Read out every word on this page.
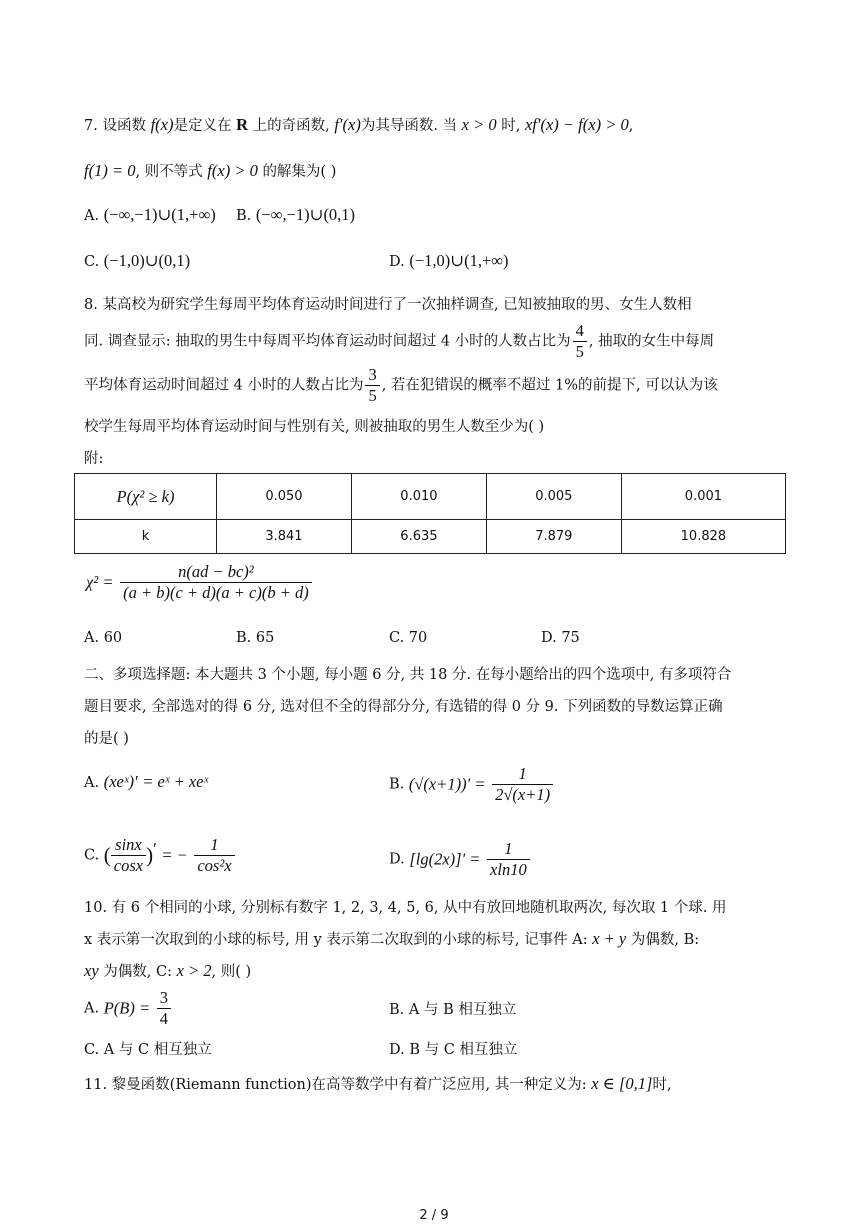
7. 设函数 f(x)是定义在 R 上的奇函数, f′(x)为其导函数. 当 x > 0 时, xf′(x) − f(x) > 0,
f(1) = 0, 则不等式 f(x) > 0 的解集为( )
A. (−∞,−1)∪(1,+∞) B. (−∞,−1)∪(0,1)
C. (−1,0)∪(0,1)	D. (−1,0)∪(1,+∞)
8. 某高校为研究学生每周平均体育运动时间进行了一次抽样调查, 已知被抽取的男、女生人数相
同. 调查显示: 抽取的男生中每周平均体育运动时间超过 4 小时的人数占比为 $\frac{4}{5}$ , 抽取的女生中每周
平均体育运动时间超过 4 小时的人数占比为 $\frac{3}{5}$ , 若在犯错误的概率不超过 1%的前提下, 可以认为该
校学生每周平均体育运动时间与性别有关, 则被抽取的男生人数至少为( )
附:
P(χ² ≥ k)	0.050	0.010	0.005	0.001
k	3.841	6.635	7.879	10.828
$\chi^2 = \frac{\text{n(ad − bc)²}}{(a + b)(c + d)(a + c)(b + d)}$
A. 60	B. 65	C. 70	D. 75
二、多项选择题: 本大题共 3 个小题, 每小题 6 分, 共 18 分. 在每小题给出的四个选项中, 有多项符合
题目要求, 全部选对的得 6 分, 选对但不全的得部分分, 有选错的得 0 分 9. 下列函数的导数运算正确
的是( )
A. (xeˣ)′ = eˣ + xeˣ	B. $(√(x+1))' = \frac{1}{2√(x+1)}$
C. ( $\frac{\sin x}{\cos x} )'$ = − $\frac{1}{\text{cos²x}}$	D. $[\lg(2x)]' = \frac{1}{xln10}$
10. 有 6 个相同的小球, 分别标有数字 1, 2, 3, 4, 5, 6, 从中有放回地随机取两次, 每次取 1 个球. 用
x 表示第一次取到的小球的标号, 用 y 表示第二次取到的小球的标号, 记事件 A: x + y 为偶数, B:
xy 为偶数, C: x > 2, 则( )
A. $P(B) = \frac{3}{4}$	B. A 与 B 相互独立
C. A 与 C 相互独立	D. B 与 C 相互独立
11. 黎曼函数(Riemann function)在高等数学中有着广泛应用, 其一种定义为: x ∈ [0,1]时,
2 / 9
